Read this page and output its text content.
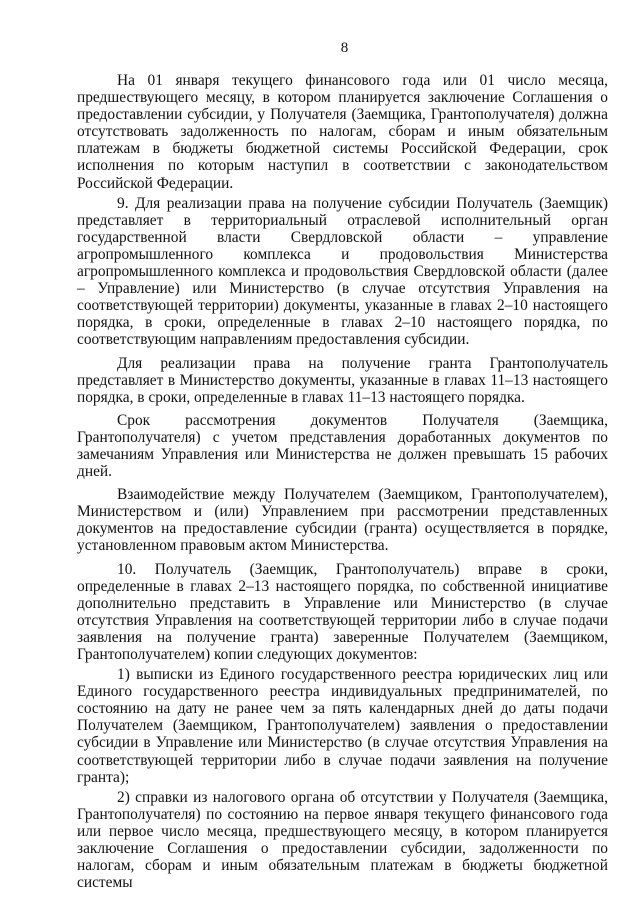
8

На 01 января текущего финансового года или 01 число месяца, предшествующего месяцу, в котором планируется заключение Соглашения о предоставлении субсидии, у Получателя (Заемщика, Грантополучателя) должна отсутствовать задолженность по налогам, сборам и иным обязательным платежам в бюджеты бюджетной системы Российской Федерации, срок исполнения по которым наступил в соответствии с законодательством Российской Федерации.

9. Для реализации права на получение субсидии Получатель (Заемщик) представляет в территориальный отраслевой исполнительный орган государственной власти Свердловской области – управление агропромышленного комплекса и продовольствия Министерства агропромышленного комплекса и продовольствия Свердловской области (далее – Управление) или Министерство (в случае отсутствия Управления на соответствующей территории) документы, указанные в главах 2–10 настоящего порядка, в сроки, определенные в главах 2–10 настоящего порядка, по соответствующим направлениям предоставления субсидии.

Для реализации права на получение гранта Грантополучатель представляет в Министерство документы, указанные в главах 11–13 настоящего порядка, в сроки, определенные в главах 11–13 настоящего порядка.

Срок рассмотрения документов Получателя (Заемщика, Грантополучателя) с учетом представления доработанных документов по замечаниям Управления или Министерства не должен превышать 15 рабочих дней.

Взаимодействие между Получателем (Заемщиком, Грантополучателем), Министерством и (или) Управлением при рассмотрении представленных документов на предоставление субсидии (гранта) осуществляется в порядке, установленном правовым актом Министерства.

10. Получатель (Заемщик, Грантополучатель) вправе в сроки, определенные в главах 2–13 настоящего порядка, по собственной инициативе дополнительно представить в Управление или Министерство (в случае отсутствия Управления на соответствующей территории либо в случае подачи заявления на получение гранта) заверенные Получателем (Заемщиком, Грантополучателем) копии следующих документов:

1) выписки из Единого государственного реестра юридических лиц или Единого государственного реестра индивидуальных предпринимателей, по состоянию на дату не ранее чем за пять календарных дней до даты подачи Получателем (Заемщиком, Грантополучателем) заявления о предоставлении субсидии в Управление или Министерство (в случае отсутствия Управления на соответствующей территории либо в случае подачи заявления на получение гранта);

2) справки из налогового органа об отсутствии у Получателя (Заемщика, Грантополучателя) по состоянию на первое января текущего финансового года или первое число месяца, предшествующего месяцу, в котором планируется заключение Соглашения о предоставлении субсидии, задолженности по налогам, сборам и иным обязательным платежам в бюджеты бюджетной системы
